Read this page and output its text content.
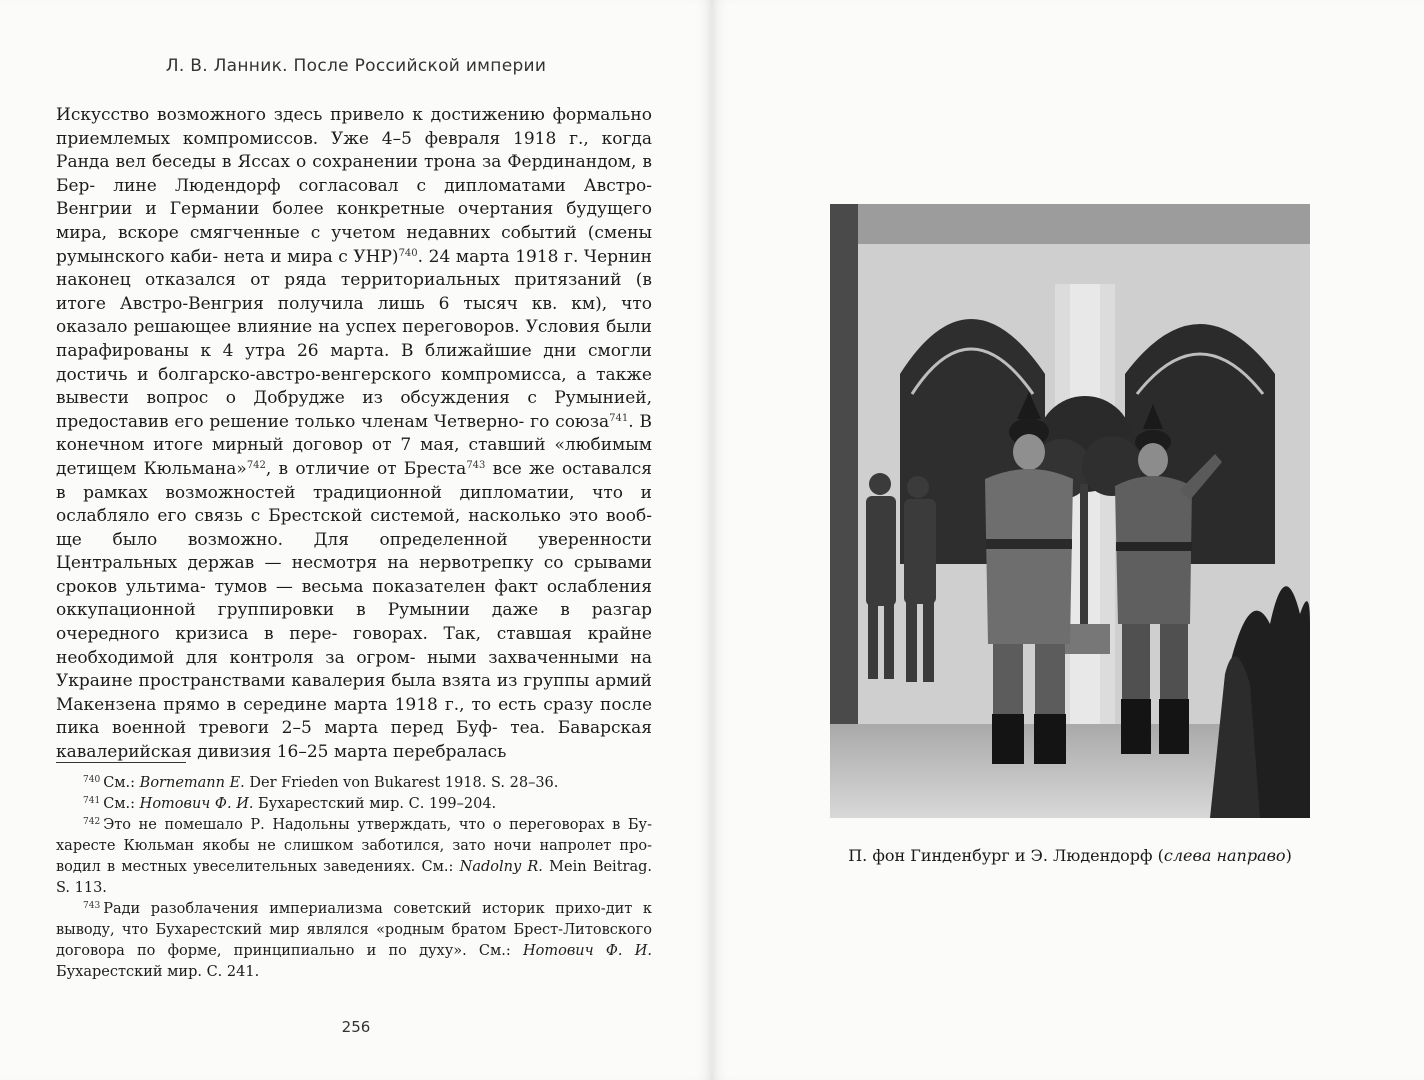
Л. В. Ланник. После Российской империи

Искусство возможного здесь привело к достижению формально приемлемых компромиссов. Уже 4–5 февраля 1918 г., когда Ранда вел беседы в Яссах о сохранении трона за Фердинандом, в Бер- лине Людендорф согласовал с дипломатами Австро-Венгрии и Германии более конкретные очертания будущего мира, вскоре смягченные с учетом недавних событий (смены румынского каби- нета и мира с УНР)$^{740}$. 24 марта 1918 г. Чернин наконец отказался от ряда территориальных притязаний (в итоге Австро-Венгрия получила лишь 6 тысяч кв. км), что оказало решающее влияние на успех переговоров. Условия были парафированы к 4 утра 26 марта. В ближайшие дни смогли достичь и болгарско-австро-венгерского компромисса, а также вывести вопрос о Добрудже из обсуждения с Румынией, предоставив его решение только членам Четверно- го союза$^{741}$. В конечном итоге мирный договор от 7 мая, ставший «любимым детищем Кюльмана»$^{742}$, в отличие от Бреста$^{743}$ все же оставался в рамках возможностей традиционной дипломатии, что и ослабляло его связь с Брестской системой, насколько это вооб- ще было возможно. Для определенной уверенности Центральных держав — несмотря на нервотрепку со срывами сроков ультима- тумов — весьма показателен факт ослабления оккупационной группировки в Румынии даже в разгар очередного кризиса в пере- говорах. Так, ставшая крайне необходимой для контроля за огром- ными захваченными на Украине пространствами кавалерия была взята из группы армий Макензена прямо в середине марта 1918 г., то есть сразу после пика военной тревоги 2–5 марта перед Буф- теа. Баварская кавалерийская дивизия 16–25 марта перебралась

$^{740}$ См.: Bornemann E. Der Frieden von Bukarest 1918. S. 28–36.

$^{741}$ См.: Нотович Ф. И. Бухарестский мир. С. 199–204.

$^{742}$ Это не помешало Р. Надольны утверждать, что о переговорах в Бу-харесте Кюльман якобы не слишком заботился, зато ночи напролет про-водил в местных увеселительных заведениях. См.: Nadolny R. Mein Beitrag. S. 113.

$^{743}$ Ради разоблачения империализма советский историк прихо-дит к выводу, что Бухарестский мир являлся «родным братом Брест-Литовского договора по форме, принципиально и по духу». См.: Нотович Ф. И. Бухарестский мир. С. 241.

256
П. фон Гинденбург и Э. Людендорф (слева направо)
